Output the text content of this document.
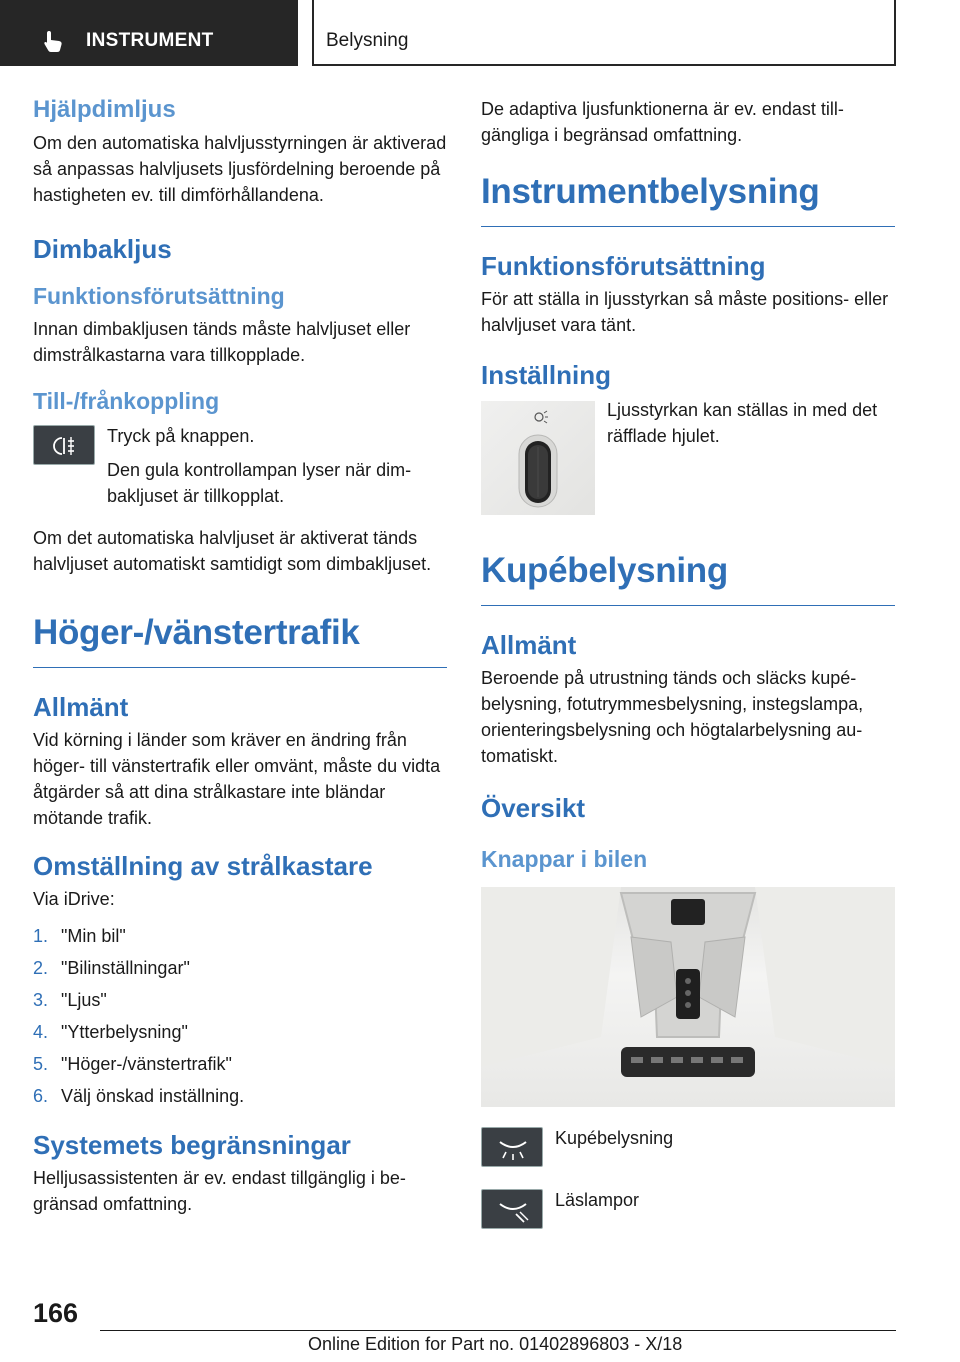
INSTRUMENT	Belysning
Hjälpdimljus

Om den automatiska halvljusstyrningen är aktiverad så anpassas halvljusets ljusfördelning beroende på hastigheten ev. till dimförhållandena.

Dimbakljus
Funktionsförutsättning

Innan dimbakljusen tänds måste halvljuset eller dimstrålkastarna vara tillkopplade.

Till-/frånkoppling

Tryck på knappen.

Den gula kontrollampan lyser när dimbakljuset är tillkopplat.

Om det automatiska halvljuset är aktiverat tänds halvljuset automatiskt samtidigt som dimbakljuset.

Höger-/vänstertrafik
Allmänt

Vid körning i länder som kräver en ändring från höger- till vänstertrafik eller omvänt, måste du vidta åtgärder så att dina strålkastare inte bländar mötande trafik.

Omställning av strålkastare

Via iDrive:

1. "Min bil"
2. "Bilinställningar"
3. "Ljus"
4. "Ytterbelysning"
5. "Höger-/vänstertrafik"
6. Välj önskad inställning.
Systemets begränsningar

Helljusassistenten är ev. endast tillgänglig i begränsad omfattning.

De adaptiva ljusfunktionerna är ev. endast tillgängliga i begränsad omfattning.

Instrumentbelysning
Funktionsförutsättning

För att ställa in ljusstyrkan så måste positions- eller halvljuset vara tänt.

Inställning

Ljusstyrkan kan ställas in med det räfflade hjulet.

Kupébelysning
Allmänt

Beroende på utrustning tänds och släcks kupébelysning, fotutrymmesbelysning, instegslampa, orienteringsbelysning och högtalarbelysning automatiskt.

Översikt
Knappar i bilen

Kupébelysning

Läslampor

166
Online Edition for Part no. 01402896803 - X/18
